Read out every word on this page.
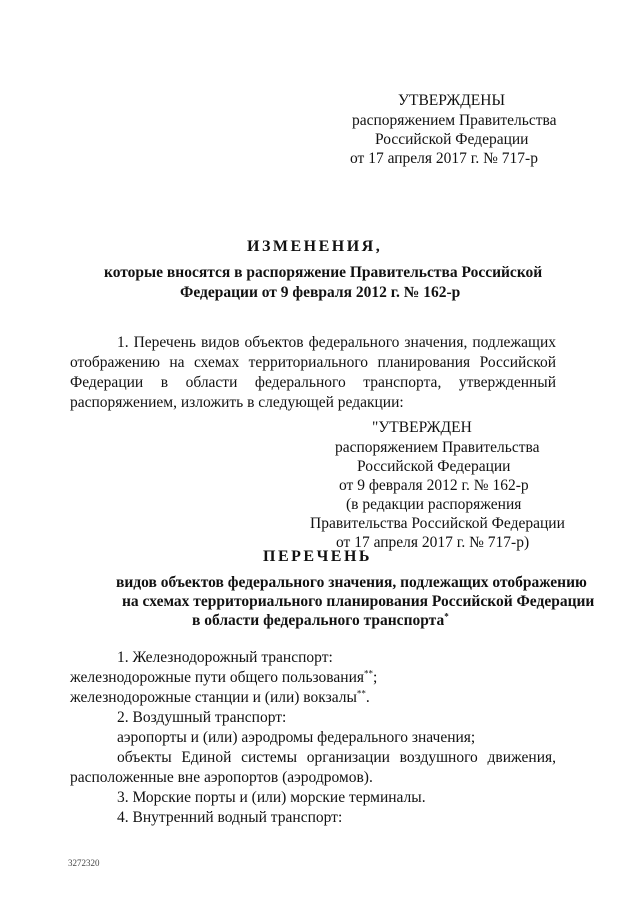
УТВЕРЖДЕНЫ
распоряжением Правительства
Российской Федерации
от 17 апреля 2017 г. № 717-р
ИЗМЕНЕНИЯ,
которые вносятся в распоряжение Правительства Российской
Федерации от 9 февраля 2012 г. № 162-р
1. Перечень видов объектов федерального значения, подлежащих
отображению на схемах территориального планирования Российской
Федерации в области федерального транспорта, утвержденный
распоряжением, изложить в следующей редакции:
"УТВЕРЖДЕН
распоряжением Правительства
Российской Федерации
от 9 февраля 2012 г. № 162-р
(в редакции распоряжения
Правительства Российской Федерации
от 17 апреля 2017 г. № 717-р)
ПЕРЕЧЕНЬ
видов объектов федерального значения, подлежащих отображению
на схемах территориального планирования Российской Федерации
в области федерального транспорта*
1. Железнодорожный транспорт:
железнодорожные пути общего пользования**;
железнодорожные станции и (или) вокзалы**.
2. Воздушный транспорт:
аэропорты и (или) аэродромы федерального значения;
объекты Единой системы организации воздушного движения,
расположенные вне аэропортов (аэродромов).
3. Морские порты и (или) морские терминалы.
4. Внутренний водный транспорт:
3272320
